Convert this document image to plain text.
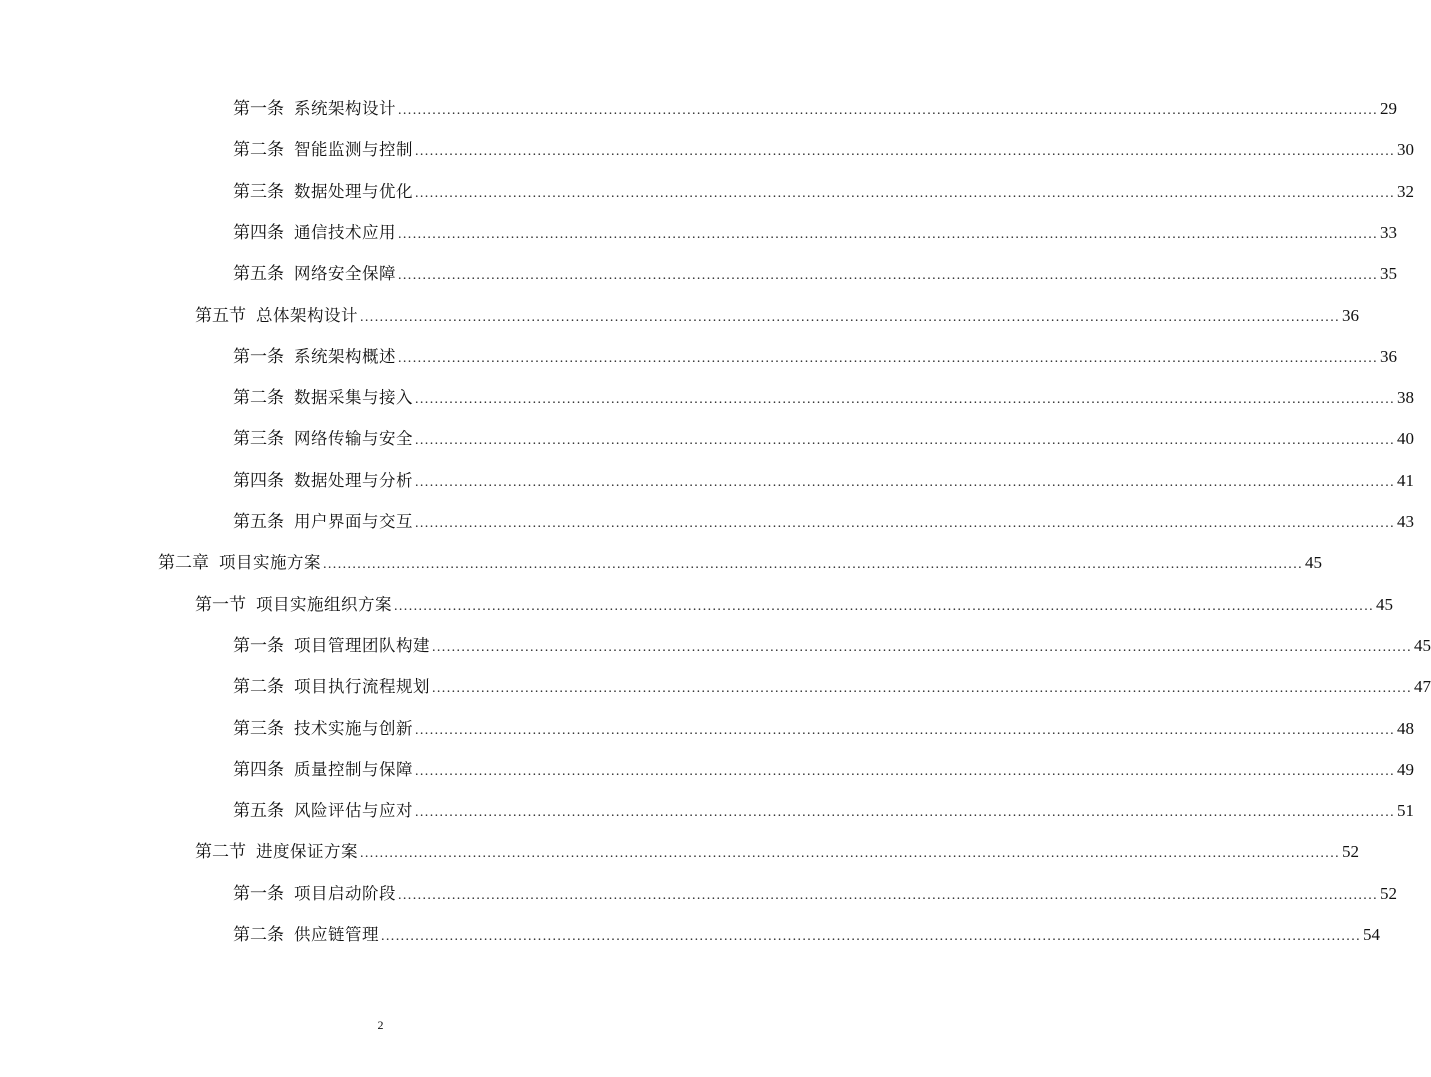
第一条 系统架构设计 ........................................................................................................................................................................................................ 29
第二条 智能监测与控制 ........................................................................................................................................................................................................ 30
第三条 数据处理与优化 ........................................................................................................................................................................................................ 32
第四条 通信技术应用 ........................................................................................................................................................................................................ 33
第五条 网络安全保障 ........................................................................................................................................................................................................ 35
第五节 总体架构设计 ........................................................................................................................................................................................................ 36
第一条 系统架构概述 ........................................................................................................................................................................................................ 36
第二条 数据采集与接入 ........................................................................................................................................................................................................ 38
第三条 网络传输与安全 ........................................................................................................................................................................................................ 40
第四条 数据处理与分析 ........................................................................................................................................................................................................ 41
第五条 用户界面与交互 ........................................................................................................................................................................................................ 43
第二章 项目实施方案 ........................................................................................................................................................................................................ 45
第一节 项目实施组织方案 ........................................................................................................................................................................................................ 45
第一条 项目管理团队构建 ........................................................................................................................................................................................................ 45
第二条 项目执行流程规划 ........................................................................................................................................................................................................ 47
第三条 技术实施与创新 ........................................................................................................................................................................................................ 48
第四条 质量控制与保障 ........................................................................................................................................................................................................ 49
第五条 风险评估与应对 ........................................................................................................................................................................................................ 51
第二节 进度保证方案 ........................................................................................................................................................................................................ 52
第一条 项目启动阶段 ........................................................................................................................................................................................................ 52
第二条 供应链管理 ........................................................................................................................................................................................................ 54
2
